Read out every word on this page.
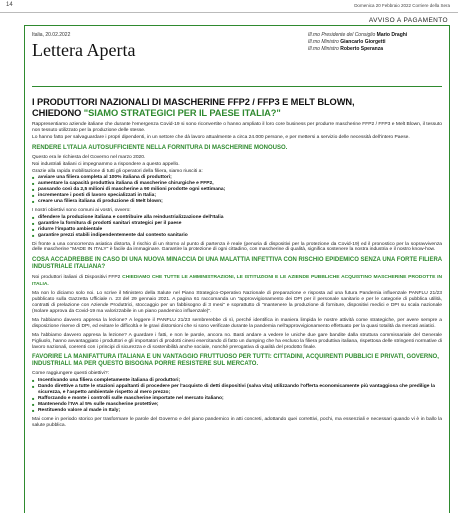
14	Domenica 20 Febbraio 2022 Corriere della Sera
AVVISO A PAGAMENTO
Italia, 20.02.2022
Lettera Aperta
Ill.mo Presidente del Consiglio Mario Draghi
Ill.mo Ministro Giancarlo Giorgetti
Ill.mo Ministro Roberto Speranza
I PRODUTTORI NAZIONALI DI MASCHERINE FFP2 / FFP3 E MELT BLOWN,
CHIEDONO "SIAMO STRATEGICI PER IL PAESE ITALIA?"

Rappresentiamo aziende italiane che durante l'emergenza Covid-19 si sono riconvertite o hanno ampliato il loro core business per produrre mascherine FFP2 / FFP3 e Melt Blown, il tessuto non tessuto utilizzato per la produzione delle stesse.

Lo hanno fatto per salvaguardare i propri dipendenti, in un settore che dà lavoro attualmente a circa 24.000 persone, e per mettersi a servizio delle necessità dell'intero Paese.

RENDERE L'ITALIA AUTOSUFFICIENTE NELLA FORNITURA DI MASCHERINE MONOUSO.

Questo era le richiesta del Governo nel marzo 2020.

Noi industriali italiani ci impegnammo a rispondere a questo appello.

Grazie alla rapida mobilitazione di tutti gli operatori della filiera, siamo riusciti a:

■ avviare una filiera completa al 100% italiana di produttori;
■ aumentare la capacità produttiva italiana di mascherine chirurgiche e FFP2,
■ passando così da 2,5 milioni di mascherine a 90 milioni prodotte ogni settimana;
■ incrementare i posti di lavoro specializzati in Italia;
■ creare una filiera italiana di produzione di Melt blown;

I nostri obiettivi sono comuni ai vostri, ovvero:

■ difendere la produzione italiana e contribuire alla reindustrializzazione dell'Italia
■ garantire la fornitura di prodotti sanitari strategici per il paese
■ ridurre l'impatto ambientale
■ garantire prezzi stabili indipendentemente dal contesto sanitario

Di fronte a una concorrenza asiatica distorta, il rischio di un ritorno al punto di partenza è reale (penuria di dispositivi per la protezione da Covid-19) ed il pronostico per la sopravvivenza delle mascherine "MADE IN ITALY" è facile da immaginare. Garantire la protezione di ogni cittadino, con mascherine di qualità, significa sostenere la nostra industria e il nostro know-how.

COSA ACCADREBBE IN CASO DI UNA NUOVA MINACCIA DI UNA MALATTIA INFETTIVA CON RISCHIO EPIDEMICO SENZA UNA FORTE FILIERA INDUSTRIALE ITALIANA?

Noi produttori italiani di Dispositivi FFP2 CHIEDIAMO CHE TUTTE LE AMMINISTRAZIONI, LE ISTITUZIONI E LE AZIENDE PUBBLICHE ACQUISTINO MASCHERINE PRODOTTE IN ITALIA.

Ma non lo diciamo solo noi. Lo scrive il Ministero della Salute nel Piano Strategico-Operativo Nazionale di preparazione e risposta ad una futura Pandemia influenzale PANFLU 21/23 pubblicato sulla Gazzetta Ufficiale n. 23 del 29 gennaio 2021. A pagina 61 raccomanda un "approvvigionamento dei DPI per il personale sanitario e per le categorie di pubblica utilità, contratti di prelazione con Aziende Produttrici, stoccaggio per un fabbisogno di 3 mesi" e soprattutto di "mantenere la produzione di forniture, dispositivi medici e DPI su scala nazionale (Isolare approva da Covid-19 ma valorizzabile in un piano pandemico influenzale)".

Ma l'abbiamo davvero appresa la lezione? A leggere il PANFLU 21/23 sembrerebbe di sì, perché identifica in maniera limpida le nostre attività come strategiche, per avere sempre a disposizione riserve di DPI, ed evitare le difficoltà e le gravi distorsioni che si sono verificate durante la pandemia nell'approvvigionamento effettuato per la quasi totalità da mercati asiatici.

Ma l'abbiamo davvero appresa la lezione? A guardare i fatti, e non le parole, ancora no. Basti andare a vedere le uniche due gare bandite dalla struttura commissariale del Generale Figliuolo, hanno avvantaggiato i produttori e gli importatori di prodotti cinesi esercitando di fatto un dumping che ha escluso la filiera produttiva italiana, rispettosa delle stringenti normative di lavoro nazionali, coerenti con i principi di sicurezza e di sostenibilità anche sociale, nonché prerogativa di qualità del prodotto finale.

FAVORIRE LA MANIFATTURA ITALIANA E UN VANTAGGIO FRUTTUOSO PER TUTTI: CITTADINI, ACQUIRENTI PUBBLICI E PRIVATI, GOVERNO, INDUSTRIALI. MA PER QUESTO BISOGNA PORRE RESISTERE SUL MERCATO.

Come raggiungere questi obiettivi?:

■ Incentivando una filiera completamente italiana di produttori;
■ Dando direttive a tutte le stazioni appaltanti di procedere per l'acquisto di detti dispositivi (salva vita) utilizzando l'offerta economicamente più vantaggiosa che predilige la sicurezza, e l'aspetto ambientale rispetto al mero prezzo;
■ Rafforzando e monte i controlli sulle mascherine importate nel mercato italiano;
■ Mantenendo l'IVA al 5% sulle mascherine protettive;
■ Restituendo valore al made in Italy;

Mai come in periodo storico per trasformare le parole del Governo e del piano pandemico in atti concreti, adottando quei correttivi, pochi, ma essenziali e necessari quando vi è in ballo la salute pubblica.
